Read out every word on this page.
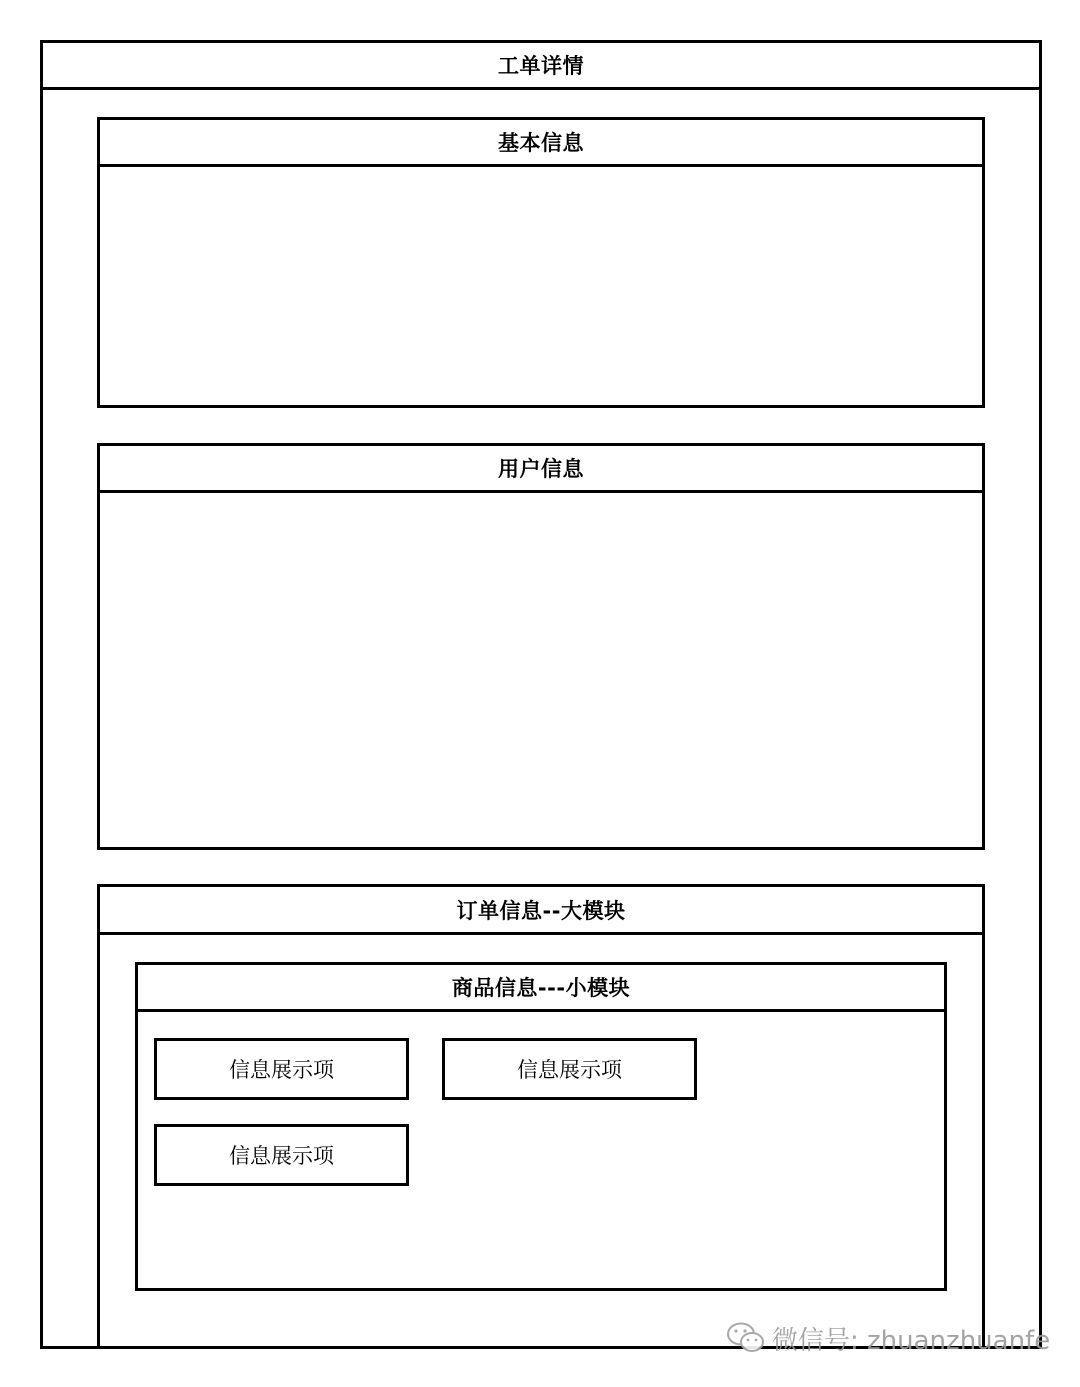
工单详情
基本信息
用户信息
订单信息--大模块
商品信息---小模块
信息展示项	信息展示项
信息展示项
微信号: zhuanzhuanfe
